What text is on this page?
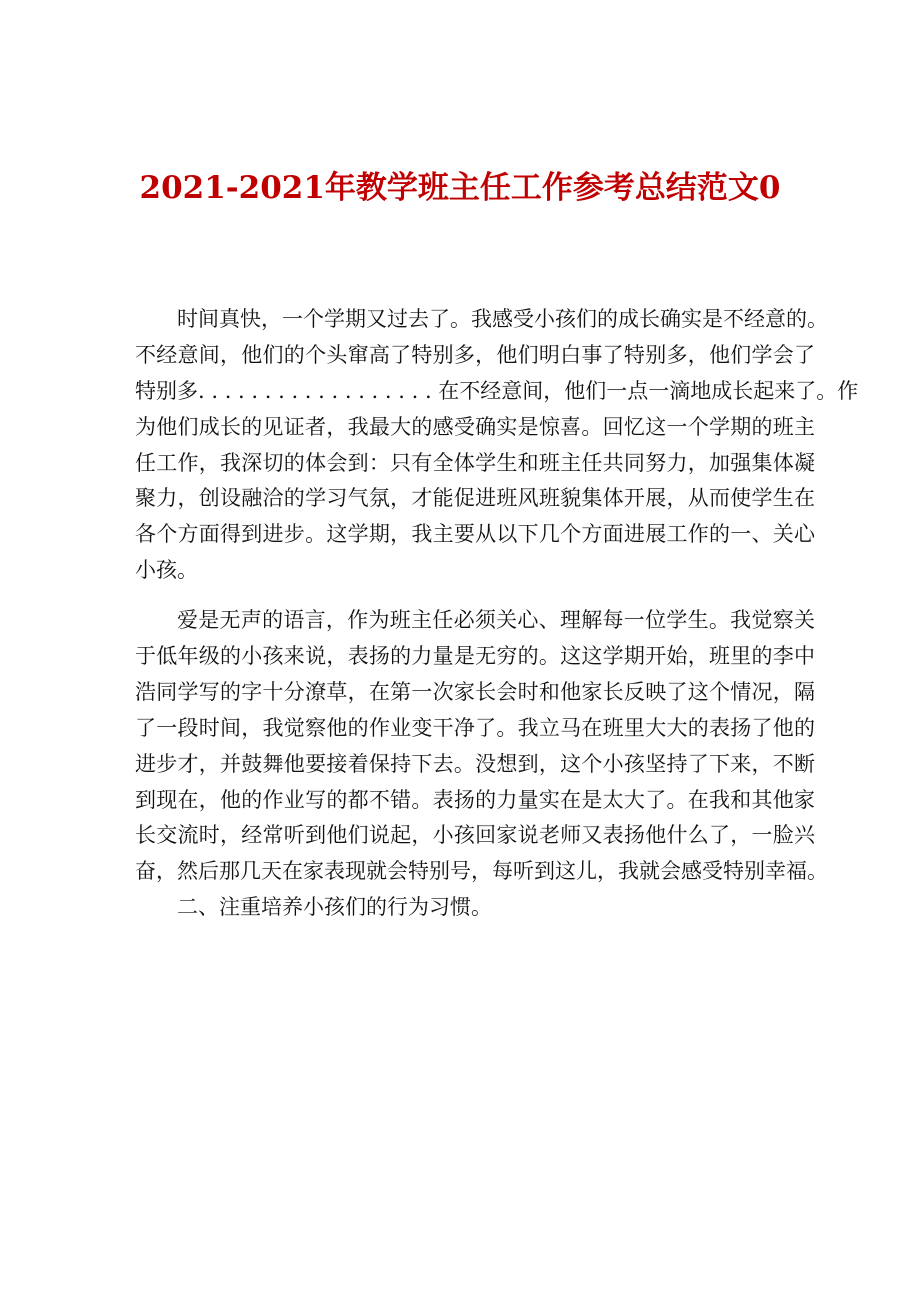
2021-2021年教学班主任工作参考总结范文0
时间真快，一个学期又过去了。我感受小孩们的成长确实是不经意的。
不经意间，他们的个头窜高了特别多，他们明白事了特别多，他们学会了
特别多. . . . . . . . . . . . . . . . . . 在不经意间，他们一点一滴地成长起来了。作
为他们成长的见证者，我最大的感受确实是惊喜。回忆这一个学期的班主
任工作，我深切的体会到：只有全体学生和班主任共同努力，加强集体凝
聚力，创设融洽的学习气氛，才能促进班风班貌集体开展，从而使学生在
各个方面得到进步。这学期，我主要从以下几个方面进展工作的一、关心
小孩。
爱是无声的语言，作为班主任必须关心、理解每一位学生。我觉察关
于低年级的小孩来说，表扬的力量是无穷的。这这学期开始，班里的李中
浩同学写的字十分潦草，在第一次家长会时和他家长反映了这个情况，隔
了一段时间，我觉察他的作业变干净了。我立马在班里大大的表扬了他的
进步才，并鼓舞他要接着保持下去。没想到，这个小孩坚持了下来，不断
到现在，他的作业写的都不错。表扬的力量实在是太大了。在我和其他家
长交流时，经常听到他们说起，小孩回家说老师又表扬他什么了，一脸兴
奋，然后那几天在家表现就会特别号，每听到这儿，我就会感受特别幸福。
二、注重培养小孩们的行为习惯。
